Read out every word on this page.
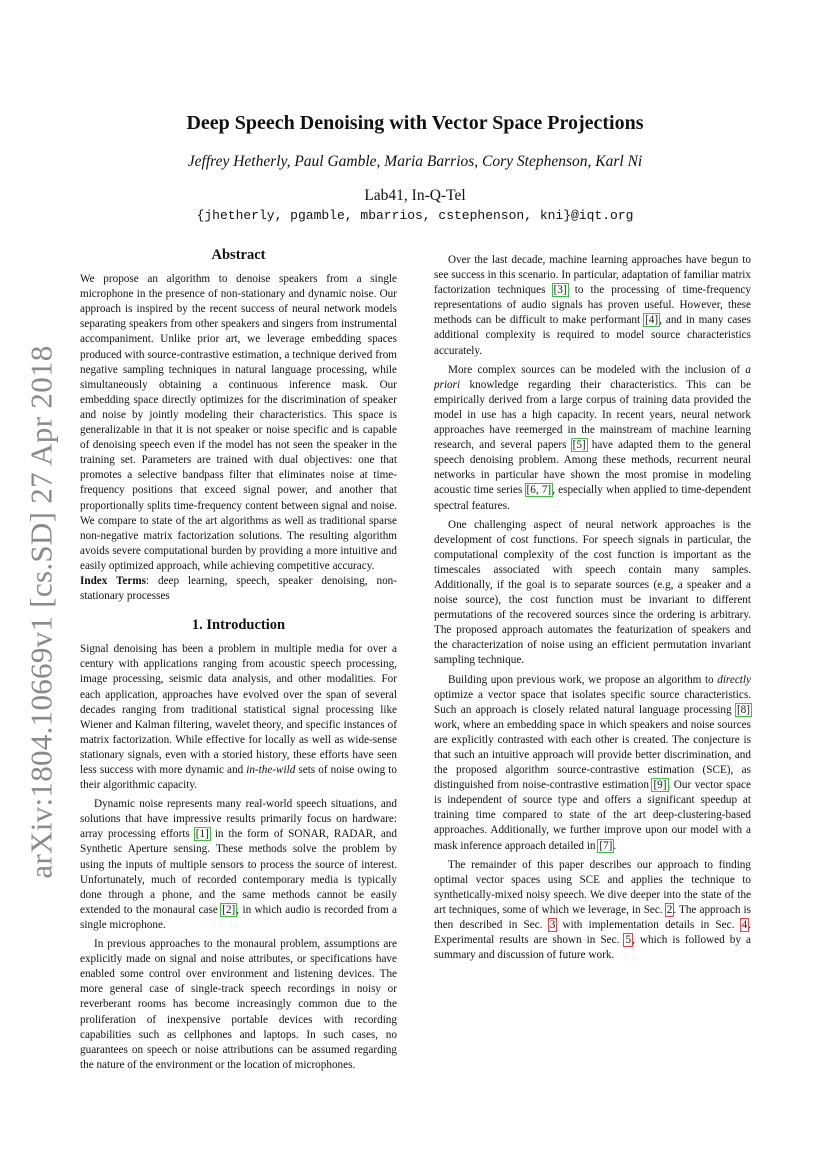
arXiv:1804.10669v1 [cs.SD] 27 Apr 2018
Deep Speech Denoising with Vector Space Projections
Jeffrey Hetherly, Paul Gamble, Maria Barrios, Cory Stephenson, Karl Ni
Lab41, In-Q-Tel
{jhetherly, pgamble, mbarrios, cstephenson, kni}@iqt.org
Abstract

We propose an algorithm to denoise speakers from a single microphone in the presence of non-stationary and dynamic noise. Our approach is inspired by the recent success of neural network models separating speakers from other speakers and singers from instrumental accompaniment. Unlike prior art, we leverage embedding spaces produced with source-contrastive estimation, a technique derived from negative sampling techniques in natural language processing, while simultaneously obtaining a continuous inference mask. Our embedding space directly optimizes for the discrimination of speaker and noise by jointly modeling their characteristics. This space is generalizable in that it is not speaker or noise specific and is capable of denoising speech even if the model has not seen the speaker in the training set. Parameters are trained with dual objectives: one that promotes a selective bandpass filter that eliminates noise at time-frequency positions that exceed signal power, and another that proportionally splits time-frequency content between signal and noise. We compare to state of the art algorithms as well as traditional sparse non-negative matrix factorization solutions. The resulting algorithm avoids severe computational burden by providing a more intuitive and easily optimized approach, while achieving competitive accuracy.

Index Terms: deep learning, speech, speaker denoising, non-stationary processes

1. Introduction

Signal denoising has been a problem in multiple media for over a century with applications ranging from acoustic speech processing, image processing, seismic data analysis, and other modalities. For each application, approaches have evolved over the span of several decades ranging from traditional statistical signal processing like Wiener and Kalman filtering, wavelet theory, and specific instances of matrix factorization. While effective for locally as well as wide-sense stationary signals, even with a storied history, these efforts have seen less success with more dynamic and in-the-wild sets of noise owing to their algorithmic capacity.

Dynamic noise represents many real-world speech situations, and solutions that have impressive results primarily focus on hardware: array processing efforts [1] in the form of SONAR, RADAR, and Synthetic Aperture sensing. These methods solve the problem by using the inputs of multiple sensors to process the source of interest. Unfortunately, much of recorded contemporary media is typically done through a phone, and the same methods cannot be easily extended to the monaural case [2], in which audio is recorded from a single microphone.

In previous approaches to the monaural problem, assumptions are explicitly made on signal and noise attributes, or specifications have enabled some control over environment and listening devices. The more general case of single-track speech recordings in noisy or reverberant rooms has become increasingly common due to the proliferation of inexpensive portable devices with recording capabilities such as cellphones and laptops. In such cases, no guarantees on speech or noise attributions can be assumed regarding the nature of the environment or the location of microphones.

Over the last decade, machine learning approaches have begun to see success in this scenario. In particular, adaptation of familiar matrix factorization techniques [3] to the processing of time-frequency representations of audio signals has proven useful. However, these methods can be difficult to make performant [4], and in many cases additional complexity is required to model source characteristics accurately.

More complex sources can be modeled with the inclusion of a priori knowledge regarding their characteristics. This can be empirically derived from a large corpus of training data provided the model in use has a high capacity. In recent years, neural network approaches have reemerged in the mainstream of machine learning research, and several papers [5] have adapted them to the general speech denoising problem. Among these methods, recurrent neural networks in particular have shown the most promise in modeling acoustic time series [6, 7], especially when applied to time-dependent spectral features.

One challenging aspect of neural network approaches is the development of cost functions. For speech signals in particular, the computational complexity of the cost function is important as the timescales associated with speech contain many samples. Additionally, if the goal is to separate sources (e.g, a speaker and a noise source), the cost function must be invariant to different permutations of the recovered sources since the ordering is arbitrary. The proposed approach automates the featurization of speakers and the characterization of noise using an efficient permutation invariant sampling technique.

Building upon previous work, we propose an algorithm to directly optimize a vector space that isolates specific source characteristics. Such an approach is closely related natural language processing [8] work, where an embedding space in which speakers and noise sources are explicitly contrasted with each other is created. The conjecture is that such an intuitive approach will provide better discrimination, and the proposed algorithm source-contrastive estimation (SCE), as distinguished from noise-contrastive estimation [9]. Our vector space is independent of source type and offers a significant speedup at training time compared to state of the art deep-clustering-based approaches. Additionally, we further improve upon our model with a mask inference approach detailed in [7].

The remainder of this paper describes our approach to finding optimal vector spaces using SCE and applies the technique to synthetically-mixed noisy speech. We dive deeper into the state of the art techniques, some of which we leverage, in Sec. 2. The approach is then described in Sec. 3 with implementation details in Sec. 4. Experimental results are shown in Sec. 5, which is followed by a summary and discussion of future work.
